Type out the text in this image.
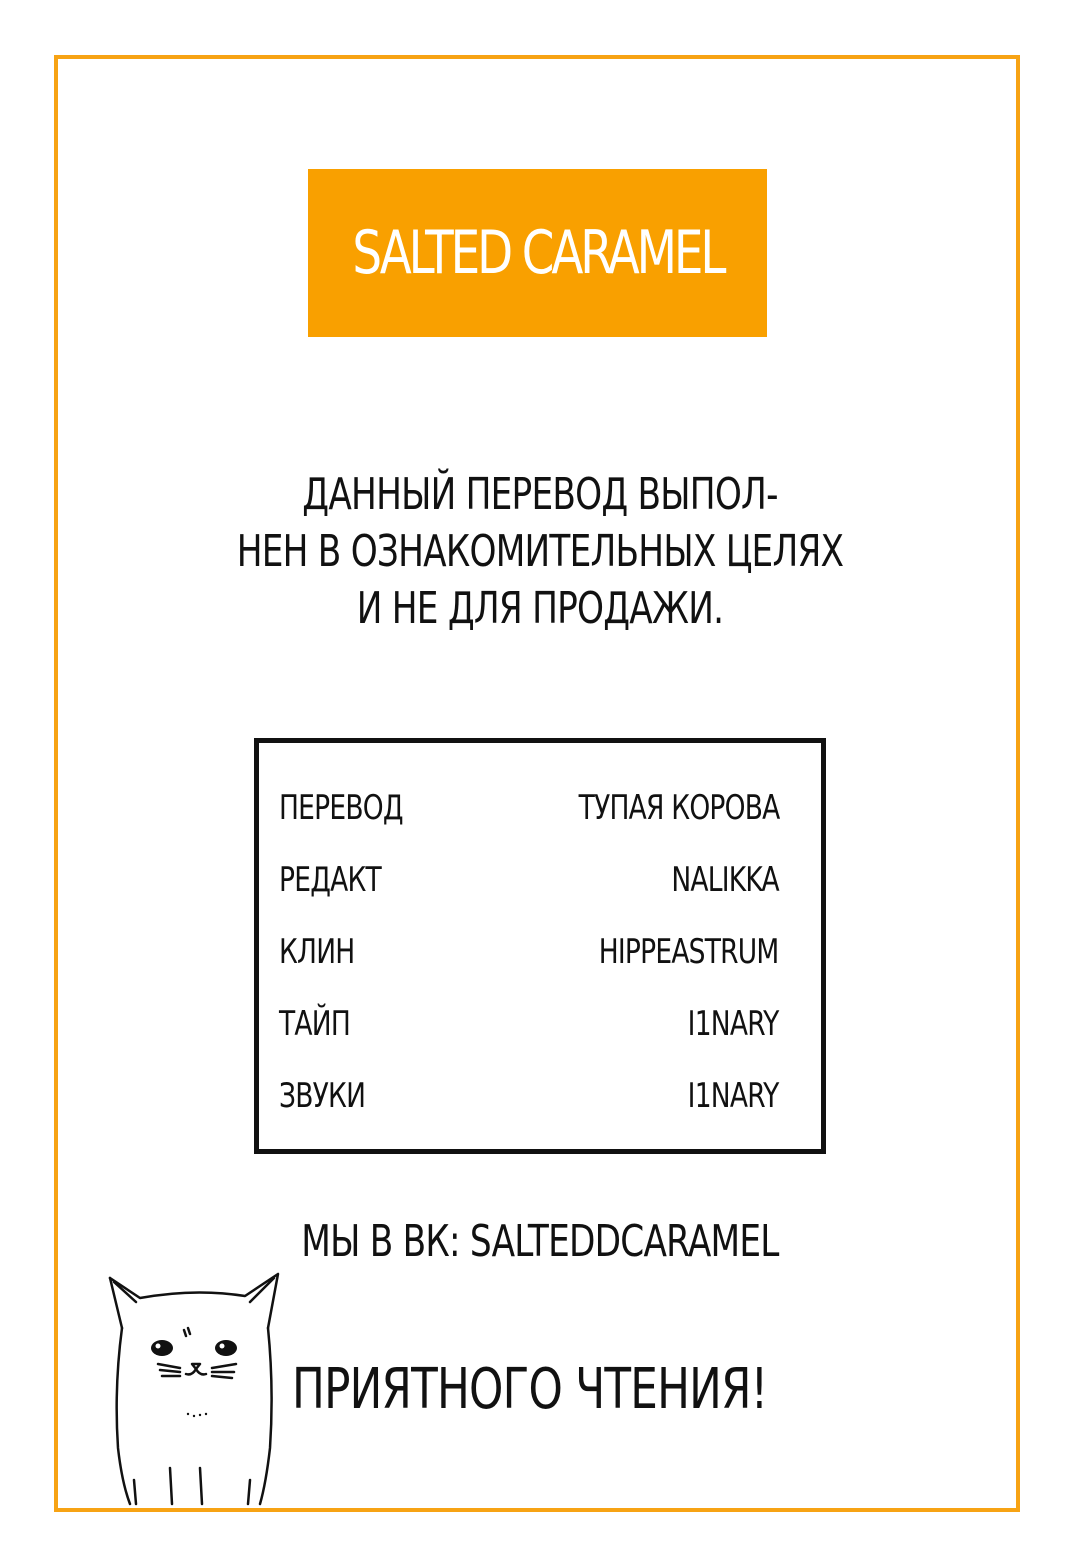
SALTED CARAMEL
ДАННЫЙ ПЕРЕВОД ВЫПОЛ-
НЕН В ОЗНАКОМИТЕЛЬНЫХ ЦЕЛЯХ
И НЕ ДЛЯ ПРОДАЖИ.
ПЕРЕВОД	ТУПАЯ КОРОВА
РЕДАКТ	NALIKKA
КЛИН	HIPPEASTRUM
ТАЙП	I1NARY
ЗВУКИ	I1NARY
МЫ В ВК: SALTEDDCARAMEL
ПРИЯТНОГО ЧТЕНИЯ!
